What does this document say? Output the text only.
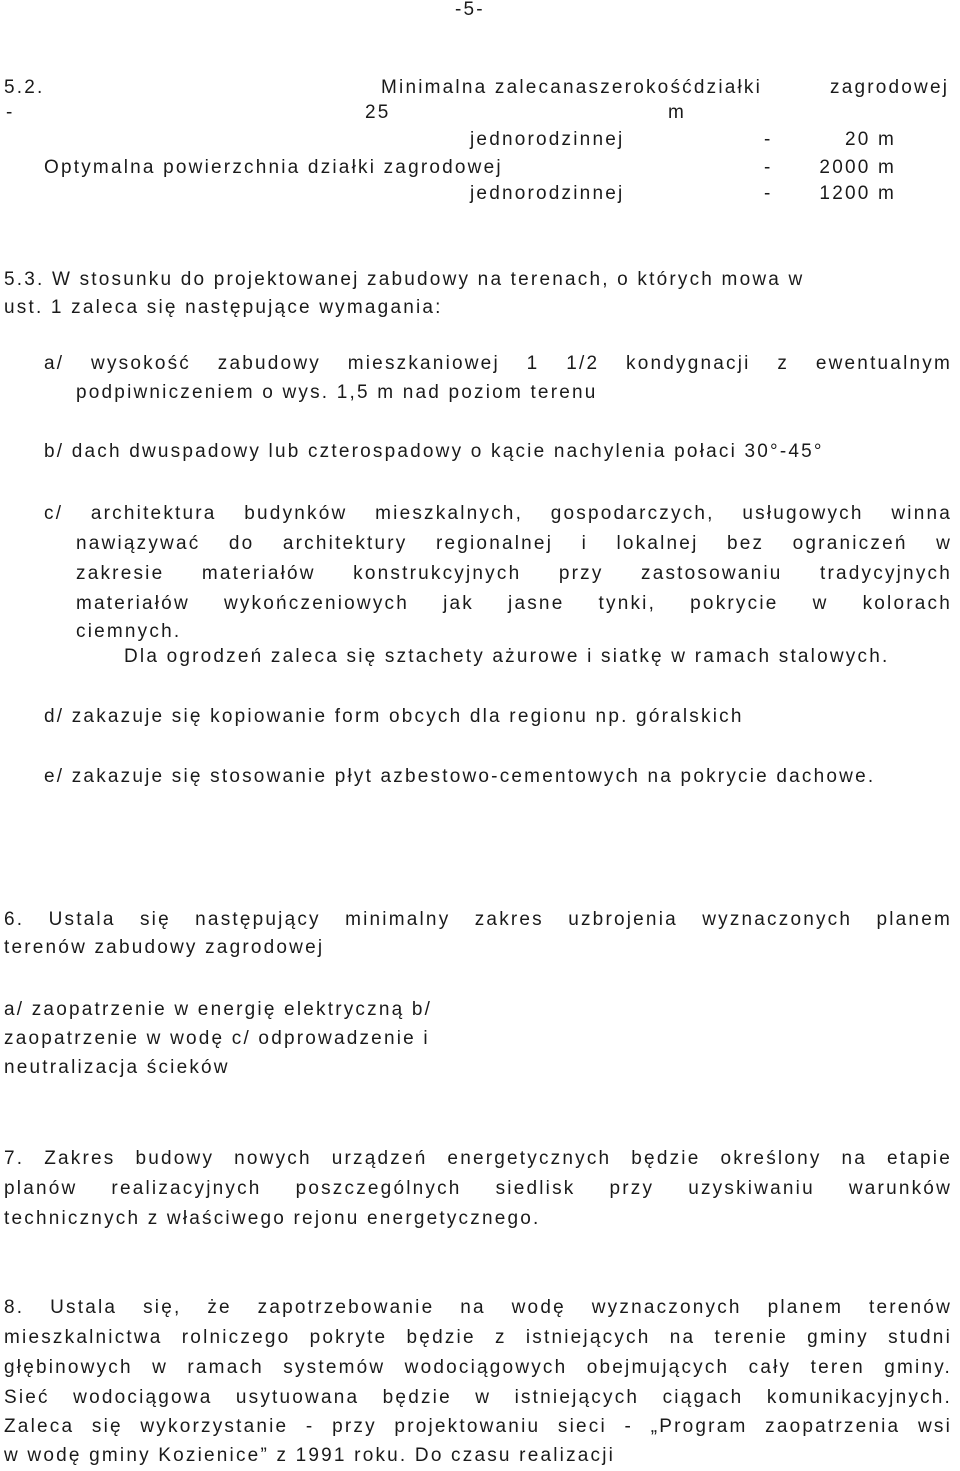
-5-
5.2.	Minimalna zalecanaszerokośćdziałki	zagrodowej
-	25	m
jednorodzinnej	-	20 m
Optymalna powierzchnia działki zagrodowej	- 2000 m
jednorodzinnej	- 1200 m
5.3. W stosunku do projektowanej zabudowy na terenach, o których mowa w
ust. 1 zaleca się następujące wymagania:
a/ wysokość zabudowy mieszkaniowej 1 1/2 kondygnacji z ewentualnym
podpiwniczeniem o wys. 1,5 m nad poziom terenu
b/ dach dwuspadowy lub czterospadowy o kącie nachylenia połaci 30°-45°
c/ architektura budynków mieszkalnych, gospodarczych, usługowych winna
nawiązywać do architektury regionalnej i lokalnej bez ograniczeń w
zakresie materiałów konstrukcyjnych przy zastosowaniu tradycyjnych
materiałów wykończeniowych jak jasne tynki, pokrycie w kolorach
ciemnych.
Dla ogrodzeń zaleca się sztachety ażurowe i siatkę w ramach stalowych.
d/ zakazuje się kopiowanie form obcych dla regionu np. góralskich
e/ zakazuje się stosowanie płyt azbestowo-cementowych na pokrycie dachowe.
6. Ustala się następujący minimalny zakres uzbrojenia wyznaczonych planem
terenów zabudowy zagrodowej
a/ zaopatrzenie w energię elektryczną b/
zaopatrzenie w wodę c/ odprowadzenie i
neutralizacja ścieków
7. Zakres budowy nowych urządzeń energetycznych będzie określony na etapie
planów realizacyjnych poszczególnych siedlisk przy uzyskiwaniu warunków
technicznych z właściwego rejonu energetycznego.
8. Ustala się, że zapotrzebowanie na wodę wyznaczonych planem terenów
mieszkalnictwa rolniczego pokryte będzie z istniejących na terenie gminy studni
głębinowych w ramach systemów wodociągowych obejmujących cały teren gminy.
Sieć wodociągowa usytuowana będzie w istniejących ciągach komunikacyjnych.
Zaleca się wykorzystanie - przy projektowaniu sieci - „Program zaopatrzenia wsi
w wodę gminy Kozienice” z 1991 roku. Do czasu realizacji
